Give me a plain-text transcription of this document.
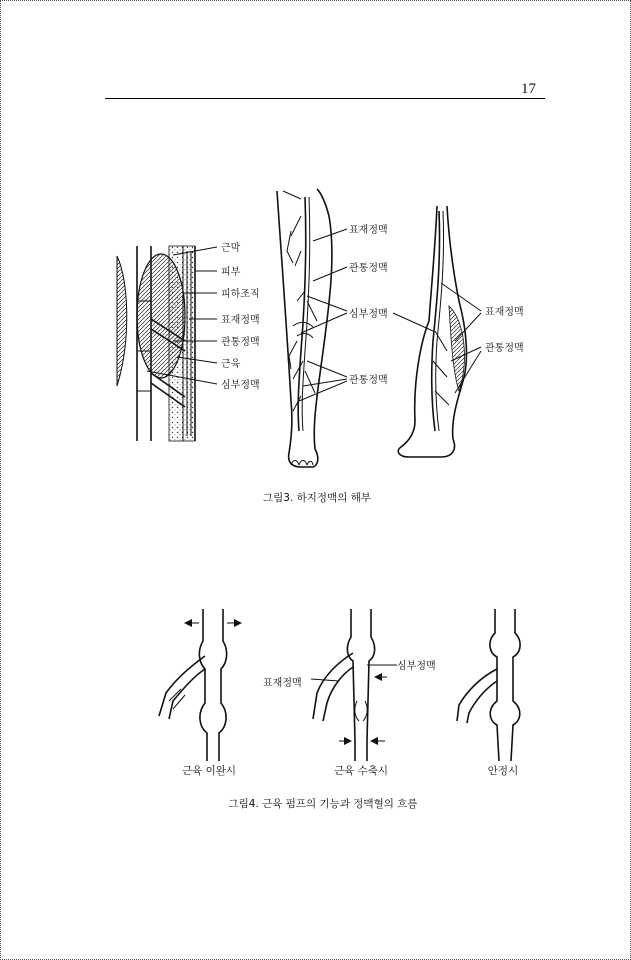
17
근막
피부
피하조직
표재정맥
관통정맥
근육
심부정맥
표재정맥
관통정맥
심부정맥
관통정맥
표재정맥
관통정맥
그림3. 하지정맥의 해부
표재정맥
심부정맥
근육 이완시	근육 수축시	안정시
그림4. 근육 펌프의 기능과 정맥혈의 흐름
